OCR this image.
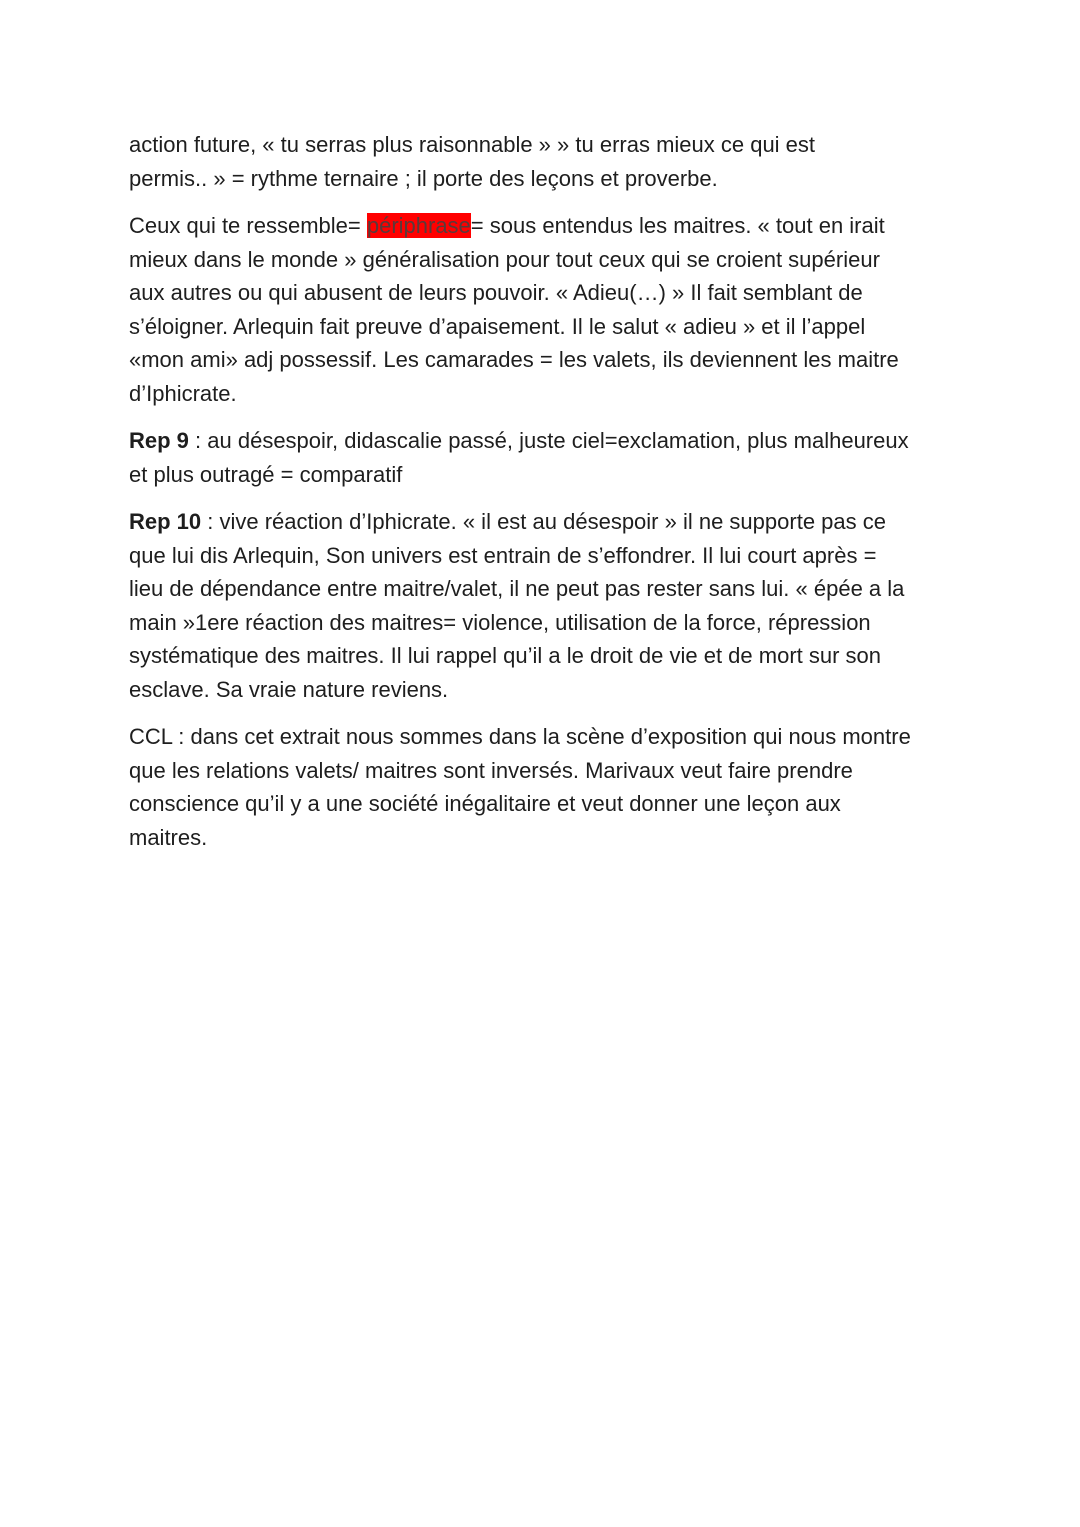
action future, « tu serras plus raisonnable » » tu erras mieux ce qui est
permis.. » = rythme ternaire ; il porte des leçons et proverbe.

Ceux qui te ressemble= périphrase= sous entendus les maitres. « tout en irait
mieux dans le monde » généralisation pour tout ceux qui se croient supérieur
aux autres ou qui abusent de leurs pouvoir. « Adieu(…) » Il fait semblant de
s’éloigner. Arlequin fait preuve d’apaisement. Il le salut « adieu » et il l’appel
«mon ami» adj possessif. Les camarades = les valets, ils deviennent les maitre
d’Iphicrate.

Rep 9 : au désespoir, didascalie passé, juste ciel=exclamation, plus malheureux
et plus outragé = comparatif

Rep 10 : vive réaction d’Iphicrate. « il est au désespoir » il ne supporte pas ce
que lui dis Arlequin, Son univers est entrain de s’effondrer. Il lui court après =
lieu de dépendance entre maitre/valet, il ne peut pas rester sans lui. « épée a la
main »1ere réaction des maitres= violence, utilisation de la force, répression
systématique des maitres. Il lui rappel qu’il a le droit de vie et de mort sur son
esclave. Sa vraie nature reviens.

CCL : dans cet extrait nous sommes dans la scène d’exposition qui nous montre
que les relations valets/ maitres sont inversés. Marivaux veut faire prendre
conscience qu’il y a une société inégalitaire et veut donner une leçon aux
maitres.
